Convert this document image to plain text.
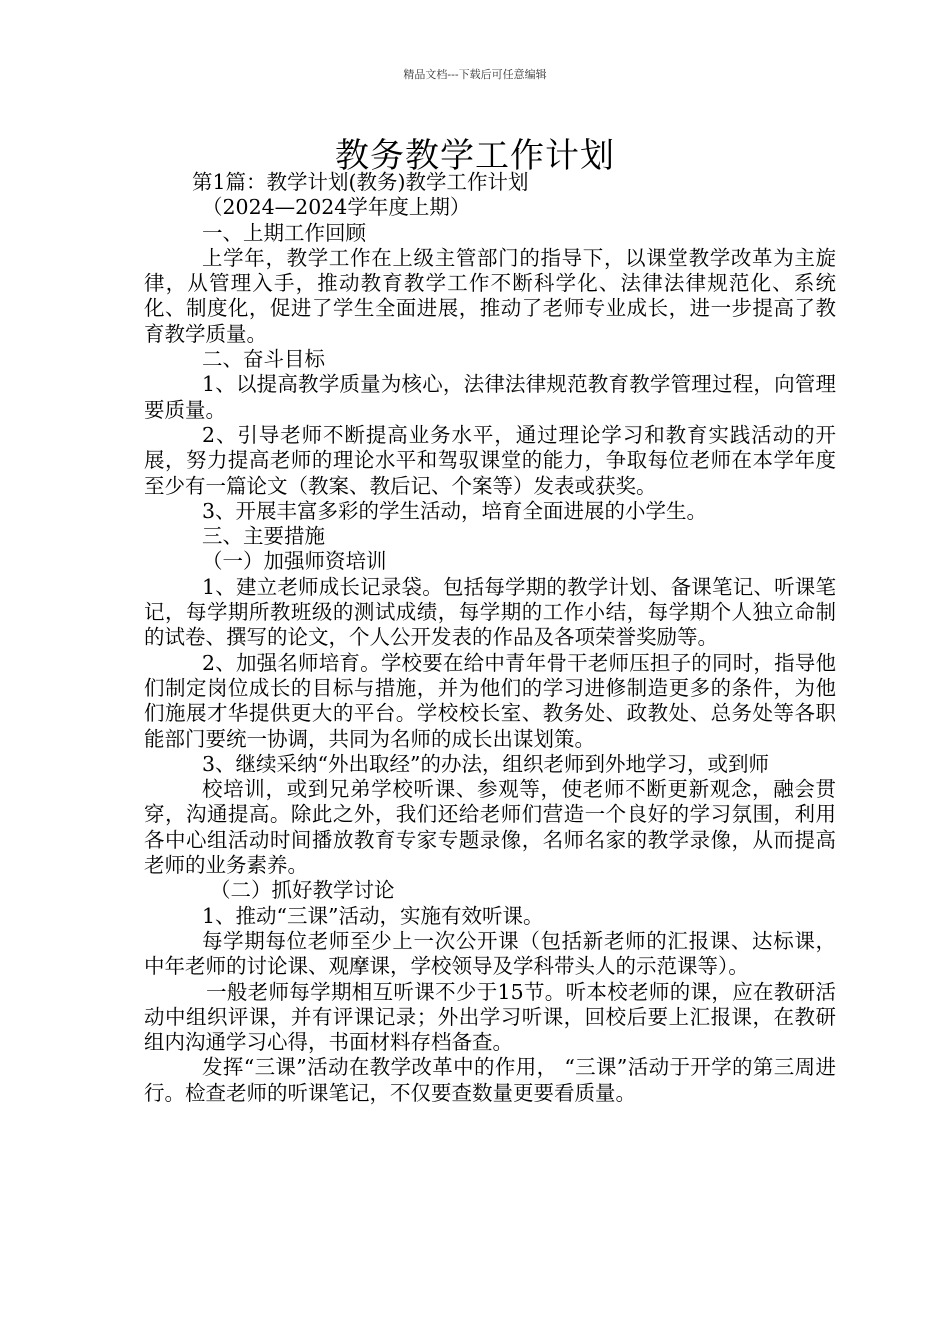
精品文档---下载后可任意编辑
教务教学工作计划

第1篇：教学计划(教务)教学工作计划

（2024—2024学年度上期）

一、上期工作回顾

上学年，教学工作在上级主管部门的指导下，以课堂教学改革为主旋律，从管理入手，推动教育教学工作不断科学化、法律法律规范化、系统化、制度化，促进了学生全面进展，推动了老师专业成长，进一步提高了教育教学质量。

二、奋斗目标

1、以提高教学质量为核心，法律法律规范教育教学管理过程，向管理要质量。

2、引导老师不断提高业务水平，通过理论学习和教育实践活动的开展，努力提高老师的理论水平和驾驭课堂的能力，争取每位老师在本学年度至少有一篇论文（教案、教后记、个案等）发表或获奖。

3、开展丰富多彩的学生活动，培育全面进展的小学生。

三、主要措施

（一）加强师资培训

1、建立老师成长记录袋。包括每学期的教学计划、备课笔记、听课笔记，每学期所教班级的测试成绩，每学期的工作小结，每学期个人独立命制的试卷、撰写的论文，个人公开发表的作品及各项荣誉奖励等。

2、加强名师培育。学校要在给中青年骨干老师压担子的同时，指导他们制定岗位成长的目标与措施，并为他们的学习进修制造更多的条件，为他们施展才华提供更大的平台。学校校长室、教务处、政教处、总务处等各职能部门要统一协调，共同为名师的成长出谋划策。

3、继续采纳“外出取经”的办法，组织老师到外地学习，或到师

校培训，或到兄弟学校听课、参观等，使老师不断更新观念，融会贯穿，沟通提高。除此之外，我们还给老师们营造一个良好的学习氛围，利用各中心组活动时间播放教育专家专题录像，名师名家的教学录像，从而提高老师的业务素养。

（二）抓好教学讨论

1、推动“三课”活动，实施有效听课。

每学期每位老师至少上一次公开课（包括新老师的汇报课、达标课，中年老师的讨论课、观摩课，学校领导及学科带头人的示范课等）。

一般老师每学期相互听课不少于15节。听本校老师的课，应在教研活动中组织评课，并有评课记录；外出学习听课，回校后要上汇报课，在教研组内沟通学习心得，书面材料存档备查。

发挥“三课”活动在教学改革中的作用， “三课”活动于开学的第三周进行。检查老师的听课笔记，不仅要查数量更要看质量。
